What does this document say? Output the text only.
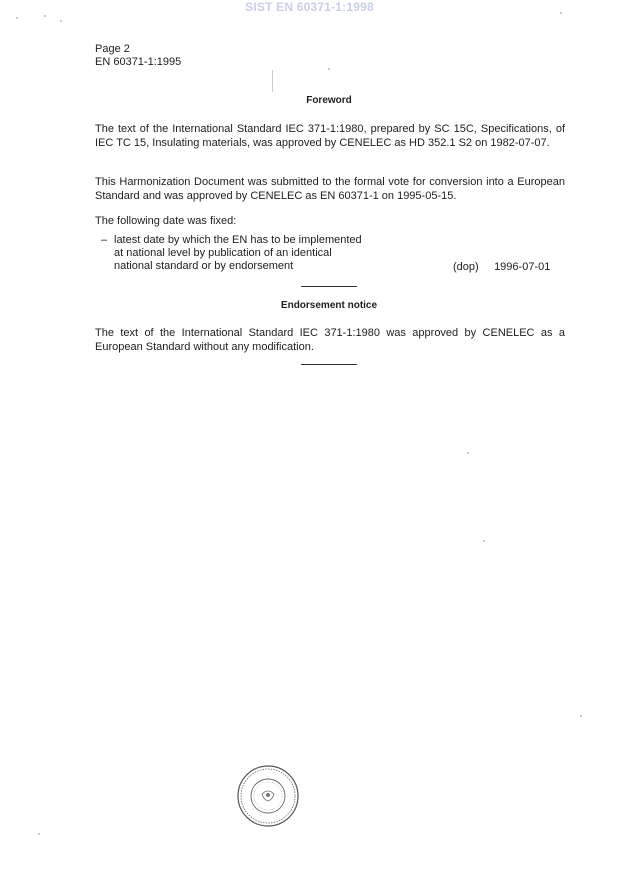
SIST EN 60371-1:1998
Page 2
EN 60371-1:1995
Foreword
The text of the International Standard IEC 371-1:1980, prepared by SC 15C, Specifications, of IEC TC 15, Insulating materials, was approved by CENELEC as HD 352.1 S2 on 1982-07-07.
This Harmonization Document was submitted to the formal vote for conversion into a European Standard and was approved by CENELEC as EN 60371-1 on 1995-05-15.
The following date was fixed:
– latest date by which the EN has to be implemented
at national level by publication of an identical
national standard or by endorsement	(dop) 1996-07-01
Endorsement notice
The text of the International Standard IEC 371-1:1980 was approved by CENELEC as a European Standard without any modification.
